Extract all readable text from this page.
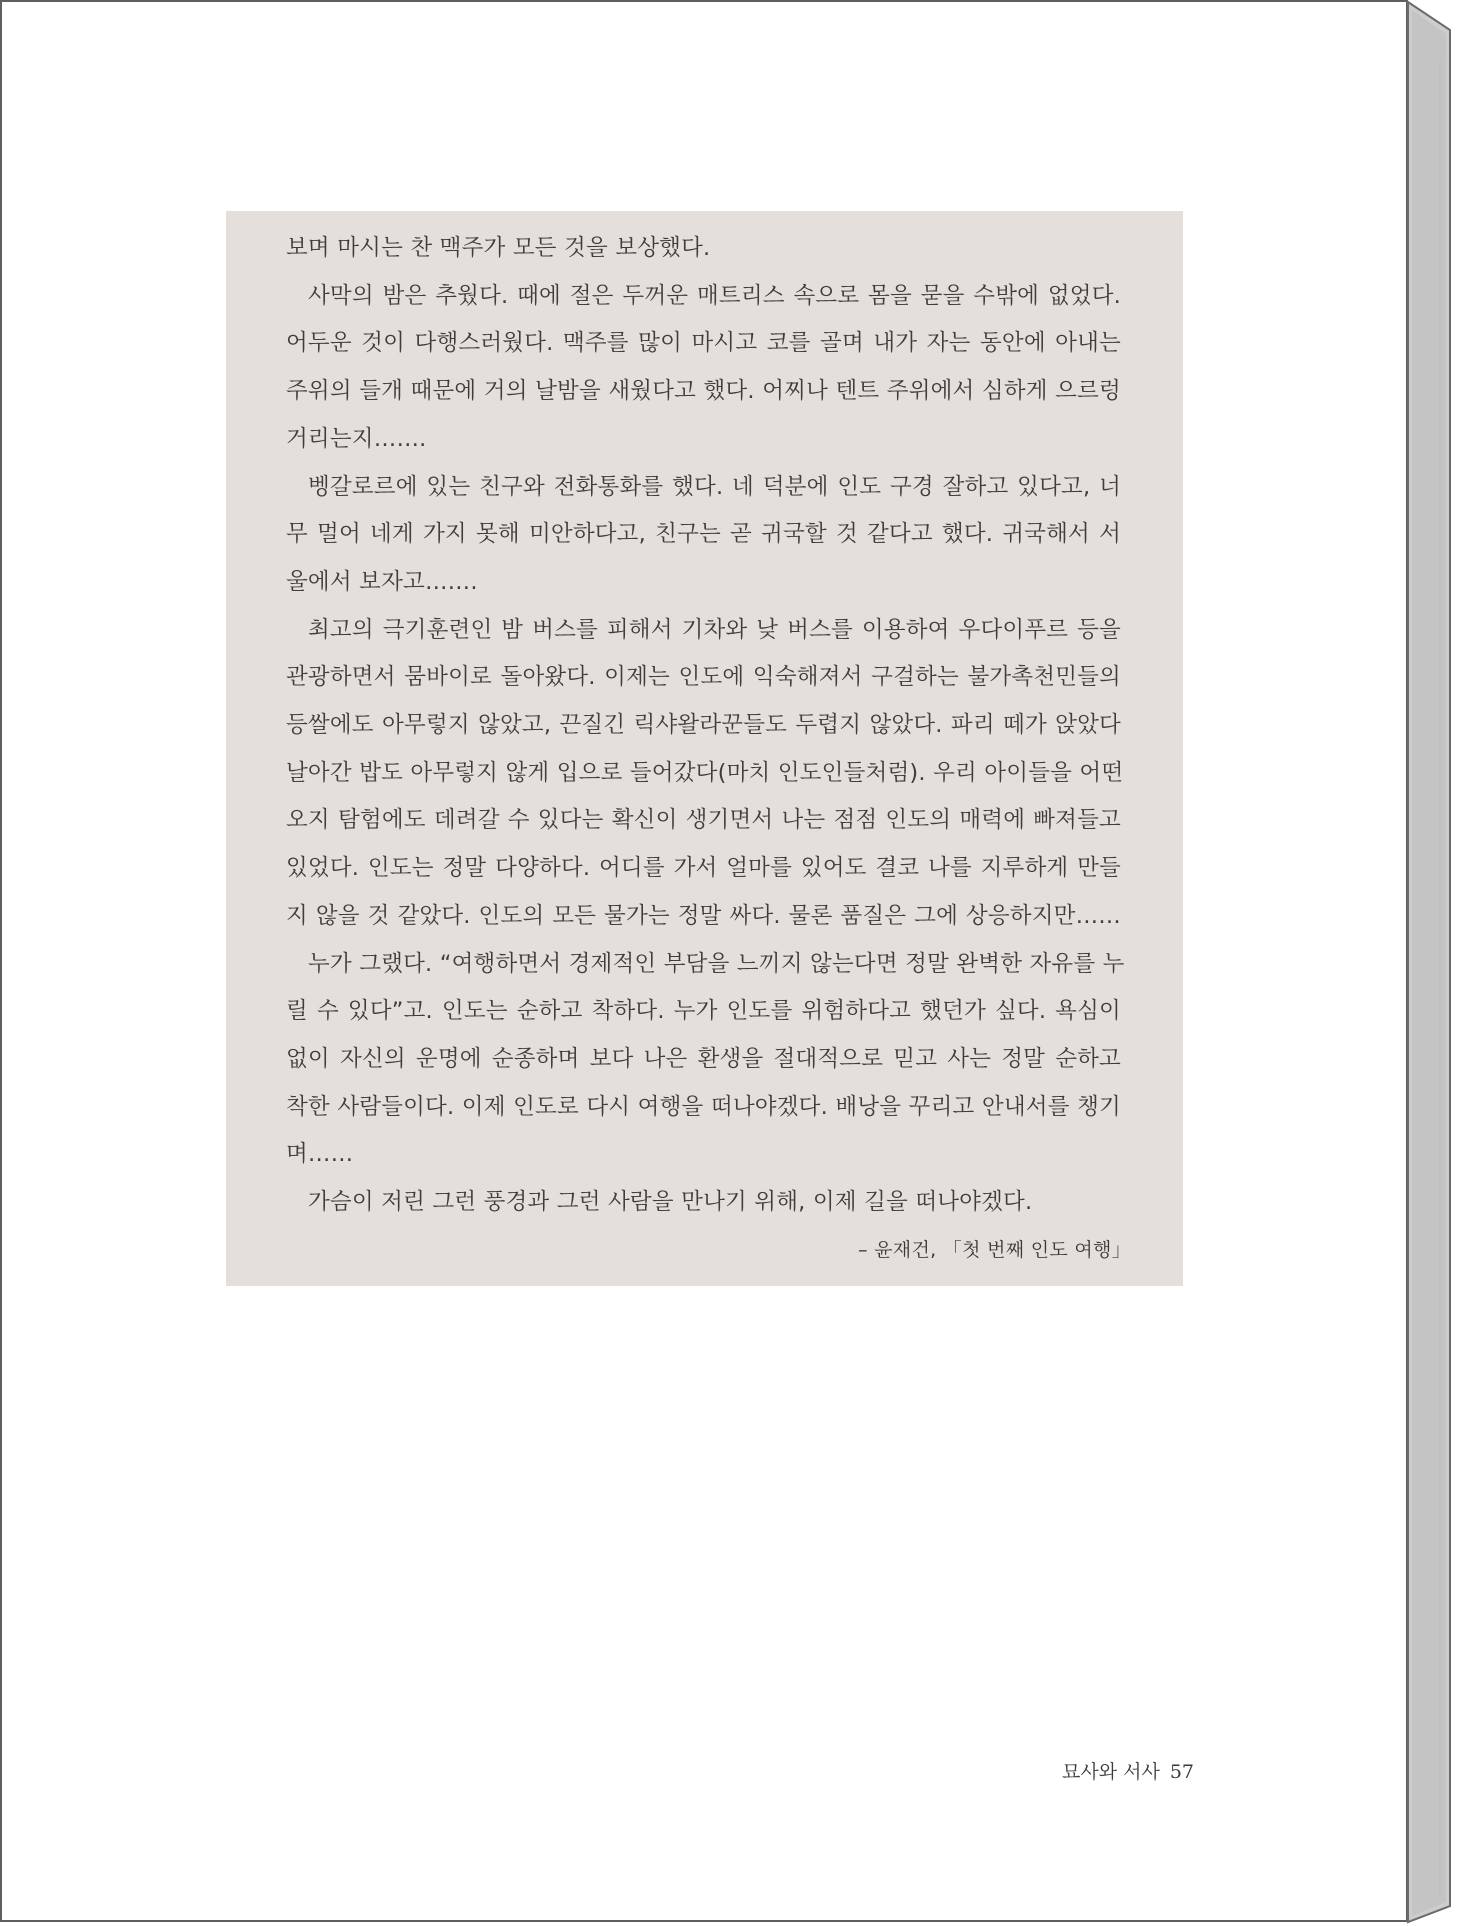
보며 마시는 찬 맥주가 모든 것을 보상했다.
사막의 밤은 추웠다. 때에 절은 두꺼운 매트리스 속으로 몸을 묻을 수밖에 없었다.
어두운 것이 다행스러웠다. 맥주를 많이 마시고 코를 골며 내가 자는 동안에 아내는
주위의 들개 때문에 거의 날밤을 새웠다고 했다. 어찌나 텐트 주위에서 심하게 으르렁
거리는지…….
벵갈로르에 있는 친구와 전화통화를 했다. 네 덕분에 인도 구경 잘하고 있다고, 너
무 멀어 네게 가지 못해 미안하다고, 친구는 곧 귀국할 것 같다고 했다. 귀국해서 서
울에서 보자고…….
최고의 극기훈련인 밤 버스를 피해서 기차와 낮 버스를 이용하여 우다이푸르 등을
관광하면서 뭄바이로 돌아왔다. 이제는 인도에 익숙해져서 구걸하는 불가촉천민들의
등쌀에도 아무렇지 않았고, 끈질긴 릭샤왈라꾼들도 두렵지 않았다. 파리 떼가 앉았다
날아간 밥도 아무렇지 않게 입으로 들어갔다(마치 인도인들처럼). 우리 아이들을 어떤
오지 탐험에도 데려갈 수 있다는 확신이 생기면서 나는 점점 인도의 매력에 빠져들고
있었다. 인도는 정말 다양하다. 어디를 가서 얼마를 있어도 결코 나를 지루하게 만들
지 않을 것 같았다. 인도의 모든 물가는 정말 싸다. 물론 품질은 그에 상응하지만……
누가 그랬다. “여행하면서 경제적인 부담을 느끼지 않는다면 정말 완벽한 자유를 누
릴 수 있다”고. 인도는 순하고 착하다. 누가 인도를 위험하다고 했던가 싶다. 욕심이
없이 자신의 운명에 순종하며 보다 나은 환생을 절대적으로 믿고 사는 정말 순하고
착한 사람들이다. 이제 인도로 다시 여행을 떠나야겠다. 배낭을 꾸리고 안내서를 챙기
며……
가슴이 저린 그런 풍경과 그런 사람을 만나기 위해, 이제 길을 떠나야겠다.
– 윤재건, 「첫 번째 인도 여행」
묘사와 서사 57
